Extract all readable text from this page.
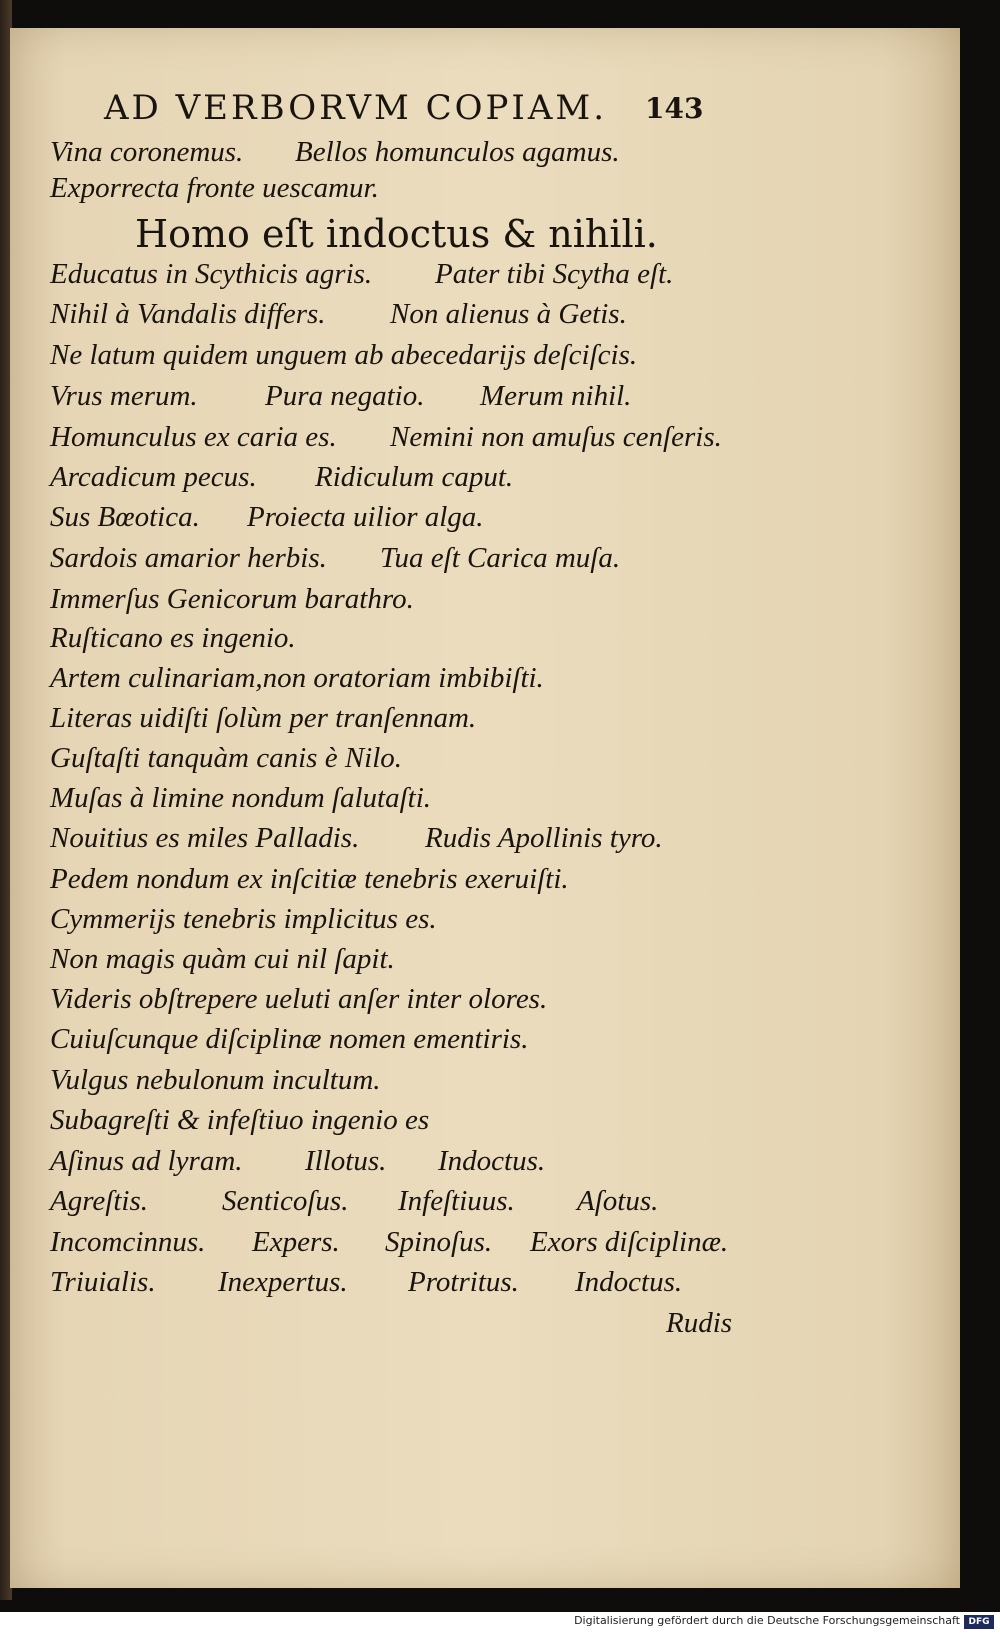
AD VERBORVM COPIAM. 143
Vina coronemus. Bellos homunculos agamus.
Exporrecta fronte uescamur.
Homo eſt indoctus & nihili.
Educatus in Scythicis agris. Pater tibi Scytha eſt.
Nihil à Vandalis differs. Non alienus à Getis.
Ne latum quidem unguem ab abecedarijs deſciſcis.
Vrus merum. Pura negatio. Merum nihil.
Homunculus ex caria es. Nemini non amuſus cenſeris.
Arcadicum pecus. Ridiculum caput.
Sus Bœotica. Proiecta uilior alga.
Sardois amarior herbis. Tua eſt Carica muſa.
Immerſus Genicorum barathro.
Ruſticano es ingenio.
Artem culinariam,non oratoriam imbibiſti.
Literas uidiſti ſolùm per tranſennam.
Guſtaſti tanquàm canis è Nilo.
Muſas à limine nondum ſalutaſti.
Nouitius es miles Palladis. Rudis Apollinis tyro.
Pedem nondum ex inſcitiæ tenebris exeruiſti.
Cymmerijs tenebris implicitus es.
Non magis quàm cui nil ſapit.
Videris obſtrepere ueluti anſer inter olores.
Cuiuſcunque diſciplinæ nomen ementiris.
Vulgus nebulonum incultum.
Subagreſti & infeſtiuo ingenio es
Aſinus ad lyram. Illotus. Indoctus.
Agreſtis.	Senticoſus. Infeſtiuus. Aſotus.
Incomcinnus. Expers. Spinoſus. Exors diſciplinæ.
Triuialis. Inexpertus. Protritus. Indoctus.
Rudis
Digitalisierung gefördert durch die Deutsche Forschungsgemeinschaft DFG
